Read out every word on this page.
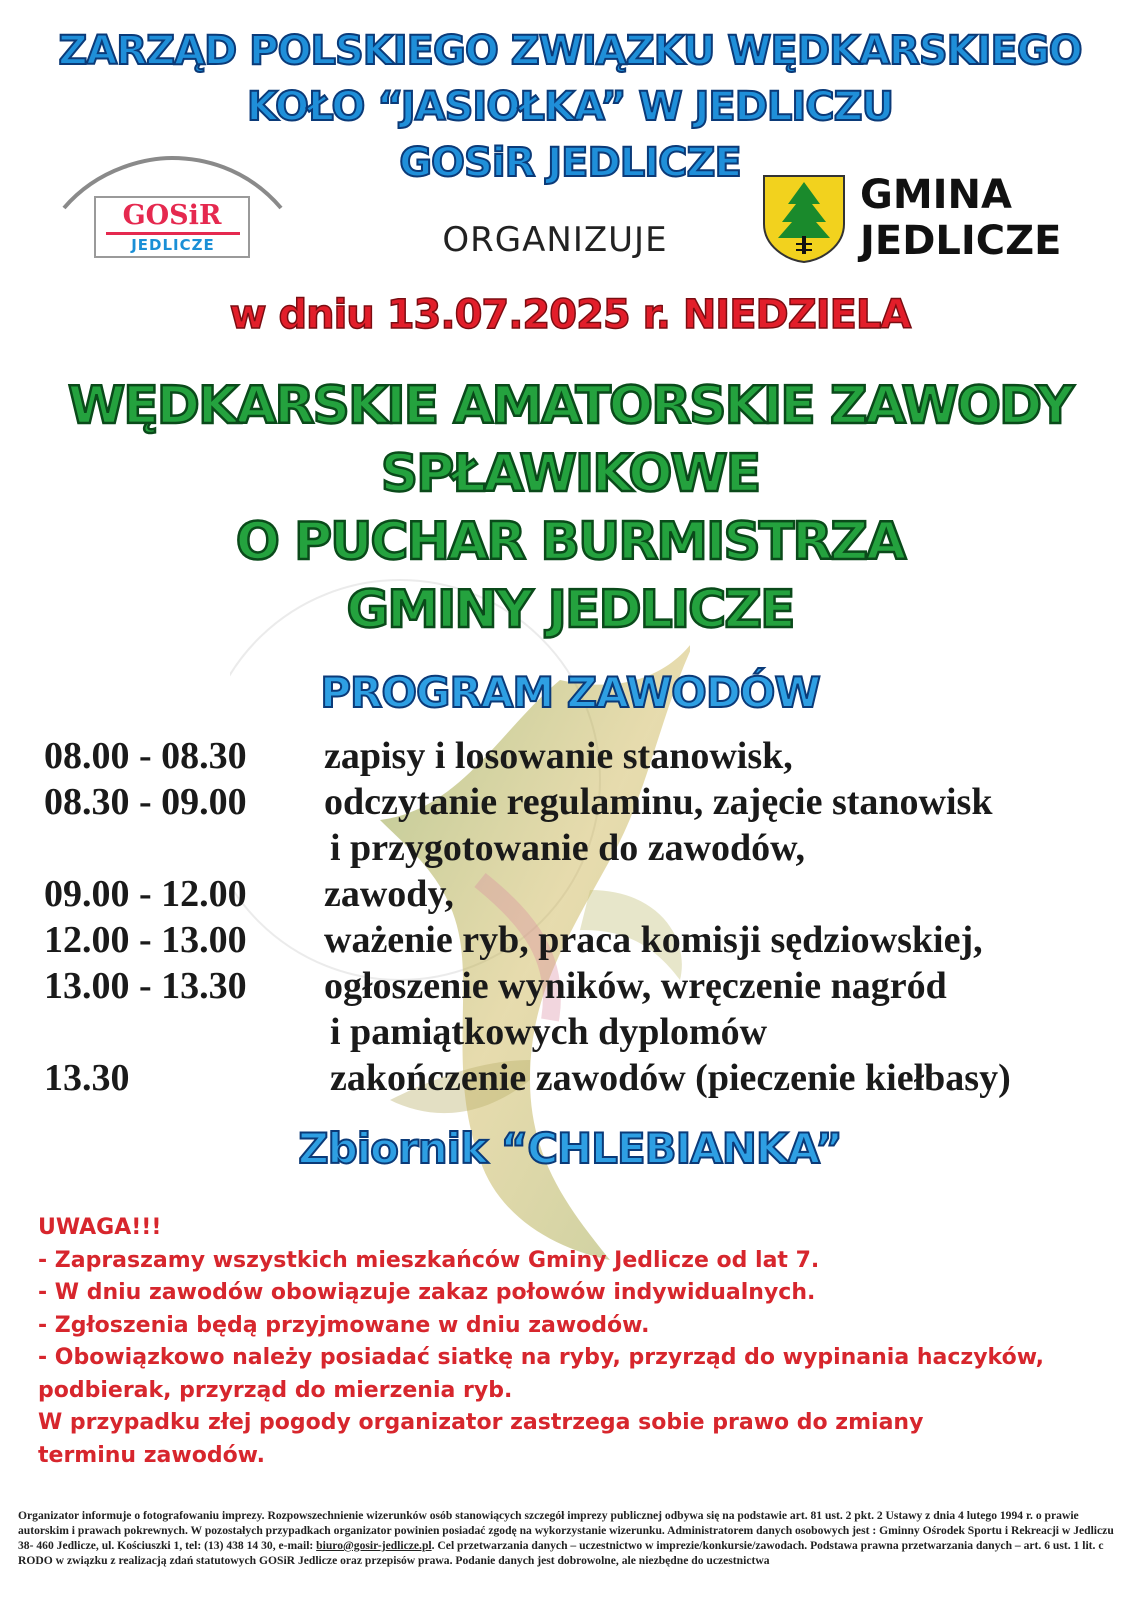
ZARZĄD POLSKIEGO ZWIĄZKU WĘDKARSKIEGO
KOŁO “JASIOŁKA” W JEDLICZU
GOSiR JEDLICZE
GOSiR
JEDLICZE	ORGANIZUJE
GMINA
JEDLICZE
w dniu 13.07.2025 r. NIEDZIELA
WĘDKARSKIE AMATORSKIE ZAWODY
SPŁAWIKOWE
O PUCHAR BURMISTRZA
GMINY JEDLICZE
PROGRAM ZAWODÓW
08.00 - 08.30 zapisy i losowanie stanowisk,
08.30 - 09.00 odczytanie regulaminu, zajęcie stanowisk
i przygotowanie do zawodów,
09.00 - 12.00 zawody,
12.00 - 13.00 ważenie ryb, praca komisji sędziowskiej,
13.00 - 13.30 ogłoszenie wyników, wręczenie nagród
i pamiątkowych dyplomów
13.30	zakończenie zawodów (pieczenie kiełbasy)
Zbiornik “CHLEBIANKA”
UWAGA!!!
- Zapraszamy wszystkich mieszkańców Gminy Jedlicze od lat 7.
- W dniu zawodów obowiązuje zakaz połowów indywidualnych.
- Zgłoszenia będą przyjmowane w dniu zawodów.
- Obowiązkowo należy posiadać siatkę na ryby, przyrząd do wypinania haczyków,
podbierak, przyrząd do mierzenia ryb.
W przypadku złej pogody organizator zastrzega sobie prawo do zmiany
terminu zawodów.
Organizator informuje o fotografowaniu imprezy. Rozpowszechnienie wizerunków osób stanowiących szczegół imprezy publicznej odbywa się na podstawie art. 81 ust. 2 pkt. 2 Ustawy z dnia 4 lutego 1994 r. o prawie autorskim i prawach pokrewnych. W pozostałych przypadkach organizator powinien posiadać zgodę na wykorzystanie wizerunku. Administratorem danych osobowych jest : Gminny Ośrodek Sportu i Rekreacji w Jedliczu 38- 460 Jedlicze, ul. Kościuszki 1, tel: (13) 438 14 30, e-mail: biuro@gosir-jedlicze.pl. Cel przetwarzania danych – uczestnictwo w imprezie/konkursie/zawodach. Podstawa prawna przetwarzania danych – art. 6 ust. 1 lit. c RODO w związku z realizacją zdań statutowych GOSiR Jedlicze oraz przepisów prawa. Podanie danych jest dobrowolne, ale niezbędne do uczestnictwa
